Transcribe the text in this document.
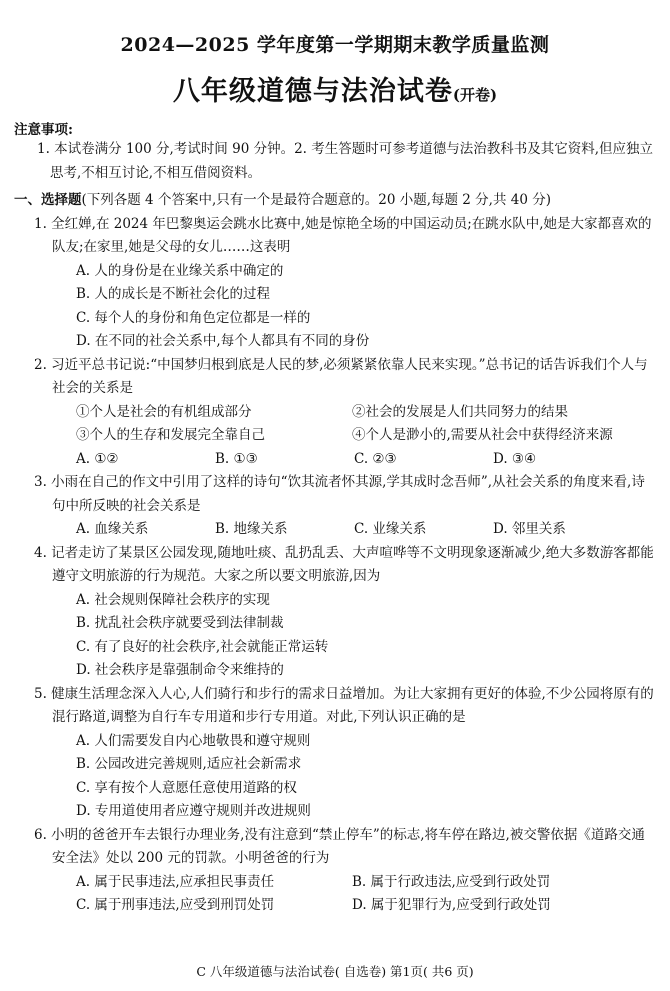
2024—2025 学年度第一学期期末教学质量监测
八年级道德与法治试卷(开卷)
注意事项:
1. 本试卷满分 100 分,考试时间 90 分钟。2. 考生答题时可参考道德与法治教科书及其它资料,但应独立思考,不相互讨论,不相互借阅资料。
一、选择题(下列各题 4 个答案中,只有一个是最符合题意的。20 小题,每题 2 分,共 40 分)
1. 全红婵,在 2024 年巴黎奥运会跳水比赛中,她是惊艳全场的中国运动员;在跳水队中,她是大家都喜欢的队友;在家里,她是父母的女儿……这表明
A. 人的身份是在业缘关系中确定的
B. 人的成长是不断社会化的过程
C. 每个人的身份和角色定位都是一样的
D. 在不同的社会关系中,每个人都具有不同的身份
2. 习近平总书记说:“中国梦归根到底是人民的梦,必须紧紧依靠人民来实现。”总书记的话告诉我们个人与社会的关系是
①个人是社会的有机组成部分	②社会的发展是人们共同努力的结果
③个人的生存和发展完全靠自己	④个人是渺小的,需要从社会中获得经济来源
A. ①②	B. ①③	C. ②③	D. ③④
3. 小雨在自己的作文中引用了这样的诗句“饮其流者怀其源,学其成时念吾师”,从社会关系的角度来看,诗句中所反映的社会关系是
A. 血缘关系	B. 地缘关系	C. 业缘关系	D. 邻里关系
4. 记者走访了某景区公园发现,随地吐痰、乱扔乱丢、大声喧哗等不文明现象逐渐减少,绝大多数游客都能遵守文明旅游的行为规范。大家之所以要文明旅游,因为
A. 社会规则保障社会秩序的实现
B. 扰乱社会秩序就要受到法律制裁
C. 有了良好的社会秩序,社会就能正常运转
D. 社会秩序是靠强制命令来维持的
5. 健康生活理念深入人心,人们骑行和步行的需求日益增加。为让大家拥有更好的体验,不少公园将原有的混行路道,调整为自行车专用道和步行专用道。对此,下列认识正确的是
A. 人们需要发自内心地敬畏和遵守规则
B. 公园改进完善规则,适应社会新需求
C. 享有按个人意愿任意使用道路的权
D. 专用道使用者应遵守规则并改进规则
6. 小明的爸爸开车去银行办理业务,没有注意到“禁止停车”的标志,将车停在路边,被交警依据《道路交通安全法》处以 200 元的罚款。小明爸爸的行为
A. 属于民事违法,应承担民事责任	B. 属于行政违法,应受到行政处罚
C. 属于刑事违法,应受到刑罚处罚	D. 属于犯罪行为,应受到行政处罚
C 八年级道德与法治试卷( 自选卷) 第1页( 共6 页)
